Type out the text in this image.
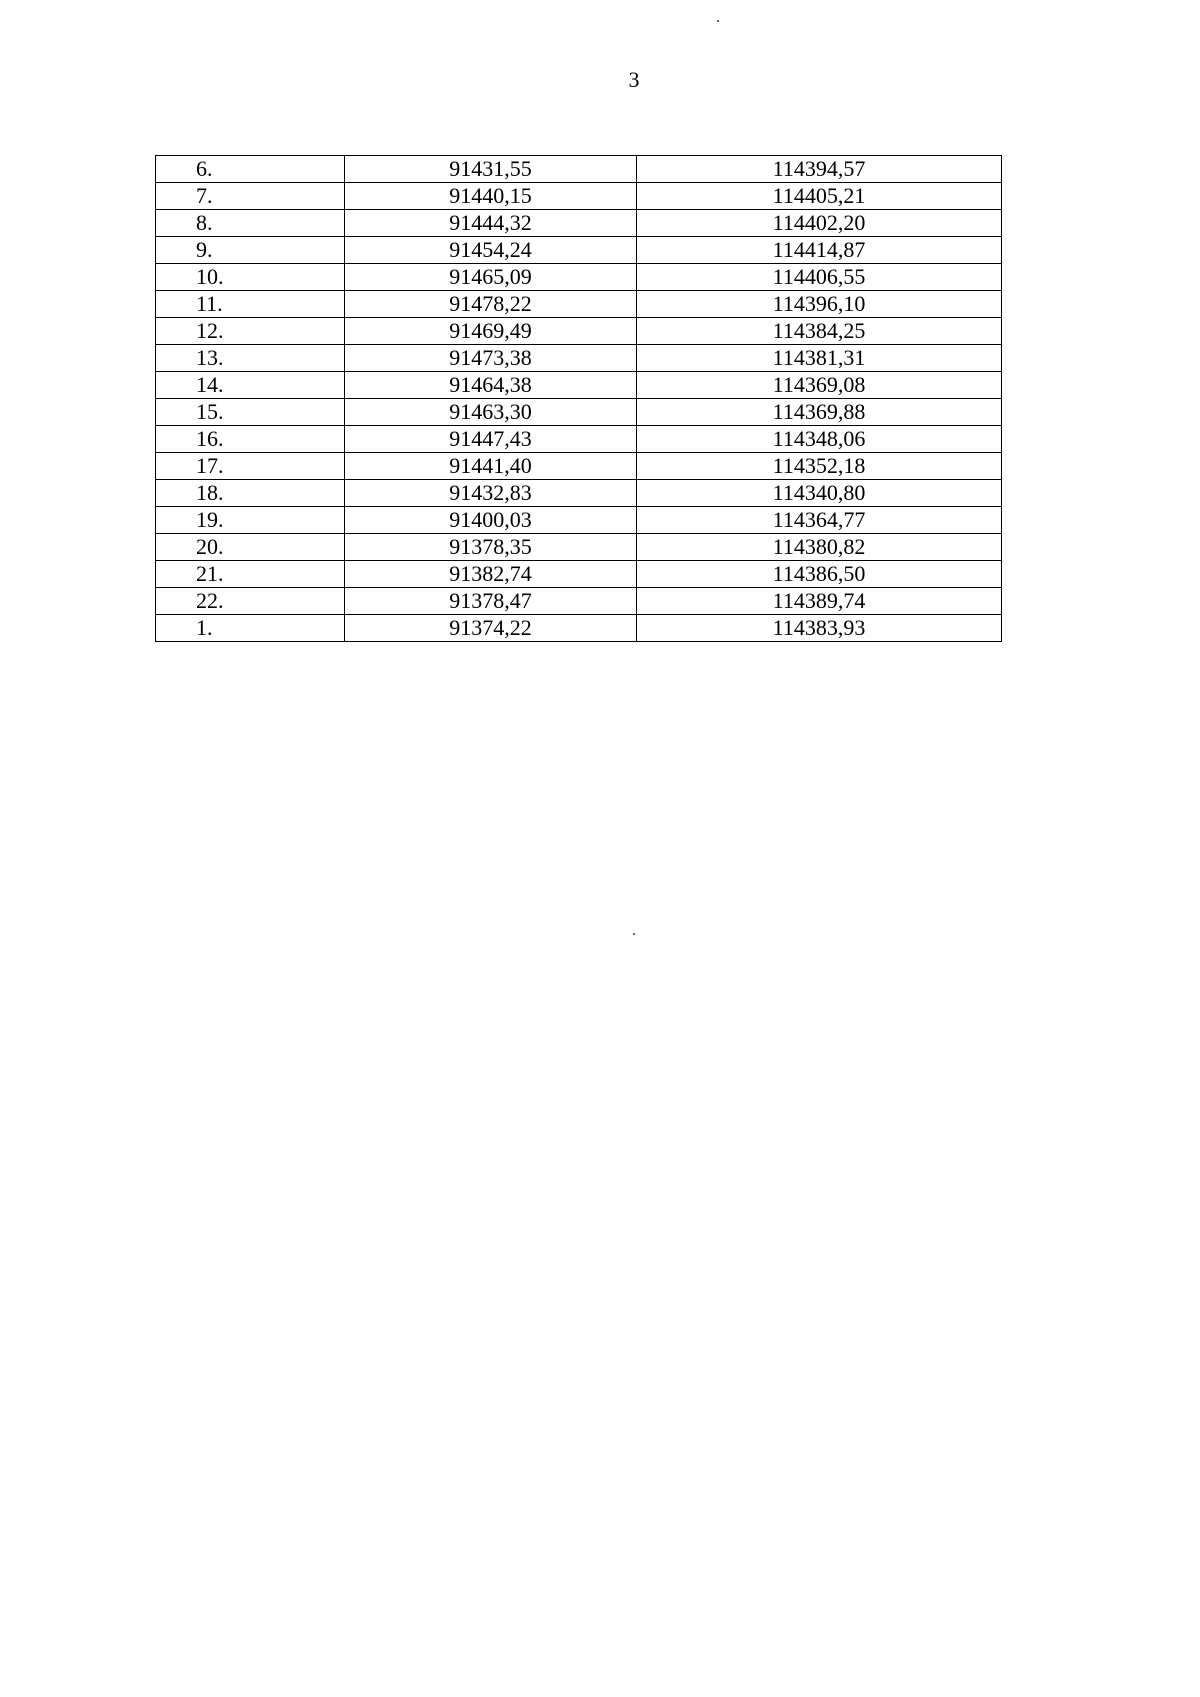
3
6.	91431,55	114394,57
7.	91440,15	114405,21
8.	91444,32	114402,20
9.	91454,24	114414,87
10.	91465,09	114406,55
11.	91478,22	114396,10
12.	91469,49	114384,25
13.	91473,38	114381,31
14.	91464,38	114369,08
15.	91463,30	114369,88
16.	91447,43	114348,06
17.	91441,40	114352,18
18.	91432,83	114340,80
19.	91400,03	114364,77
20.	91378,35	114380,82
21.	91382,74	114386,50
22.	91378,47	114389,74
1.	91374,22	114383,93
